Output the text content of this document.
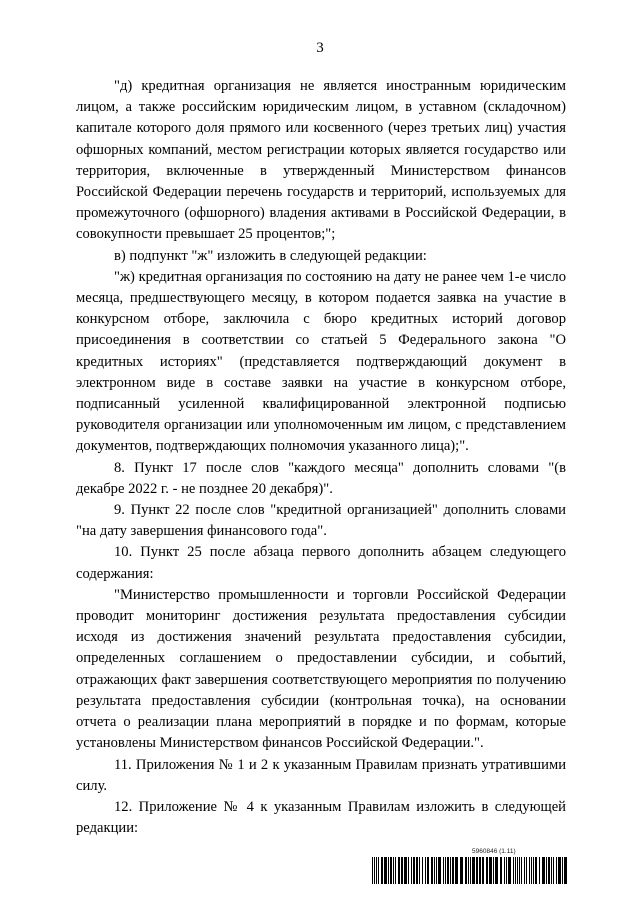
3

"д) кредитная организация не является иностранным юридическим лицом, а также российским юридическим лицом, в уставном (складочном) капитале которого доля прямого или косвенного (через третьих лиц) участия офшорных компаний, местом регистрации которых является государство или территория, включенные в утвержденный Министерством финансов Российской Федерации перечень государств и территорий, используемых для промежуточного (офшорного) владения активами в Российской Федерации, в совокупности превышает 25 процентов;";

в) подпункт "ж" изложить в следующей редакции:

"ж) кредитная организация по состоянию на дату не ранее чем 1-е число месяца, предшествующего месяцу, в котором подается заявка на участие в конкурсном отборе, заключила с бюро кредитных историй договор присоединения в соответствии со статьей 5 Федерального закона "О кредитных историях" (представляется подтверждающий документ в электронном виде в составе заявки на участие в конкурсном отборе, подписанный усиленной квалифицированной электронной подписью руководителя организации или уполномоченным им лицом, с представлением документов, подтверждающих полномочия указанного лица);".

8. Пункт 17 после слов "каждого месяца" дополнить словами "(в декабре 2022 г. - не позднее 20 декабря)".

9. Пункт 22 после слов "кредитной организацией" дополнить словами "на дату завершения финансового года".

10. Пункт 25 после абзаца первого дополнить абзацем следующего содержания:

"Министерство промышленности и торговли Российской Федерации проводит мониторинг достижения результата предоставления субсидии исходя из достижения значений результата предоставления субсидии, определенных соглашением о предоставлении субсидии, и событий, отражающих факт завершения соответствующего мероприятия по получению результата предоставления субсидии (контрольная точка), на основании отчета о реализации плана мероприятий в порядке и по формам, которые установлены Министерством финансов Российской Федерации.".

11. Приложения № 1 и 2 к указанным Правилам признать утратившими силу.

12. Приложение № 4 к указанным Правилам изложить в следующей редакции:

5960846 (1.11)
